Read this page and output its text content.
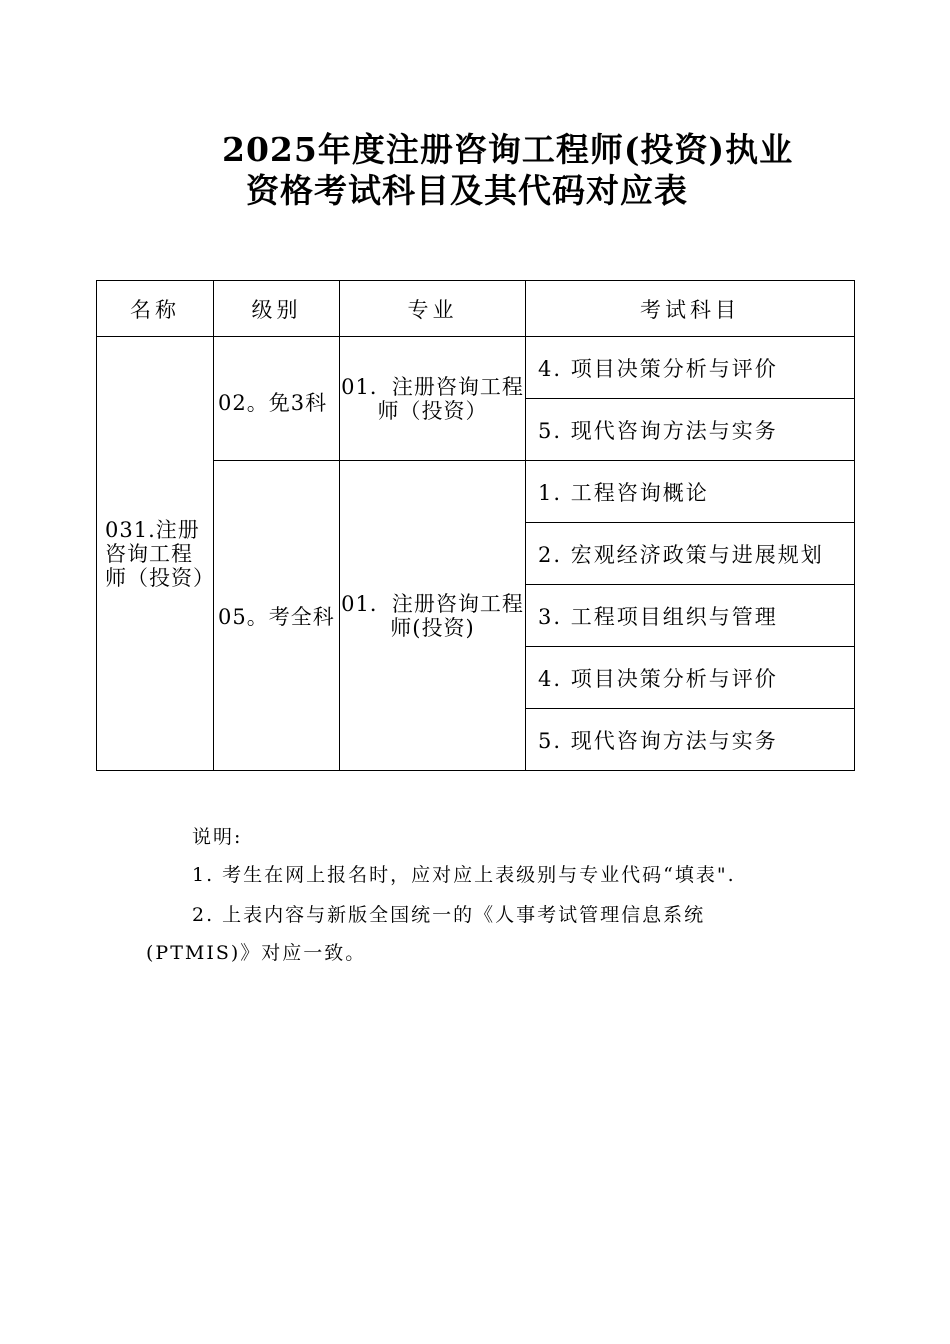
2025年度注册咨询工程师(投资)执业
资格考试科目及其代码对应表
名称	级别	专业	考试科目
031.注册咨询工程师（投资）	02。免3科	01．注册咨询工程师（投资）	4. 项目决策分析与评价
			5. 现代咨询方法与实务
	05。考全科	01．注册咨询工程师(投资)	1. 工程咨询概论
			2. 宏观经济政策与进展规划
			3. 工程项目组织与管理
			4. 项目决策分析与评价
			5. 现代咨询方法与实务
说明:
1. 考生在网上报名时，应对应上表级别与专业代码“填表".
2. 上表内容与新版全国统一的《人事考试管理信息系统
(PTMIS)》对应一致。
